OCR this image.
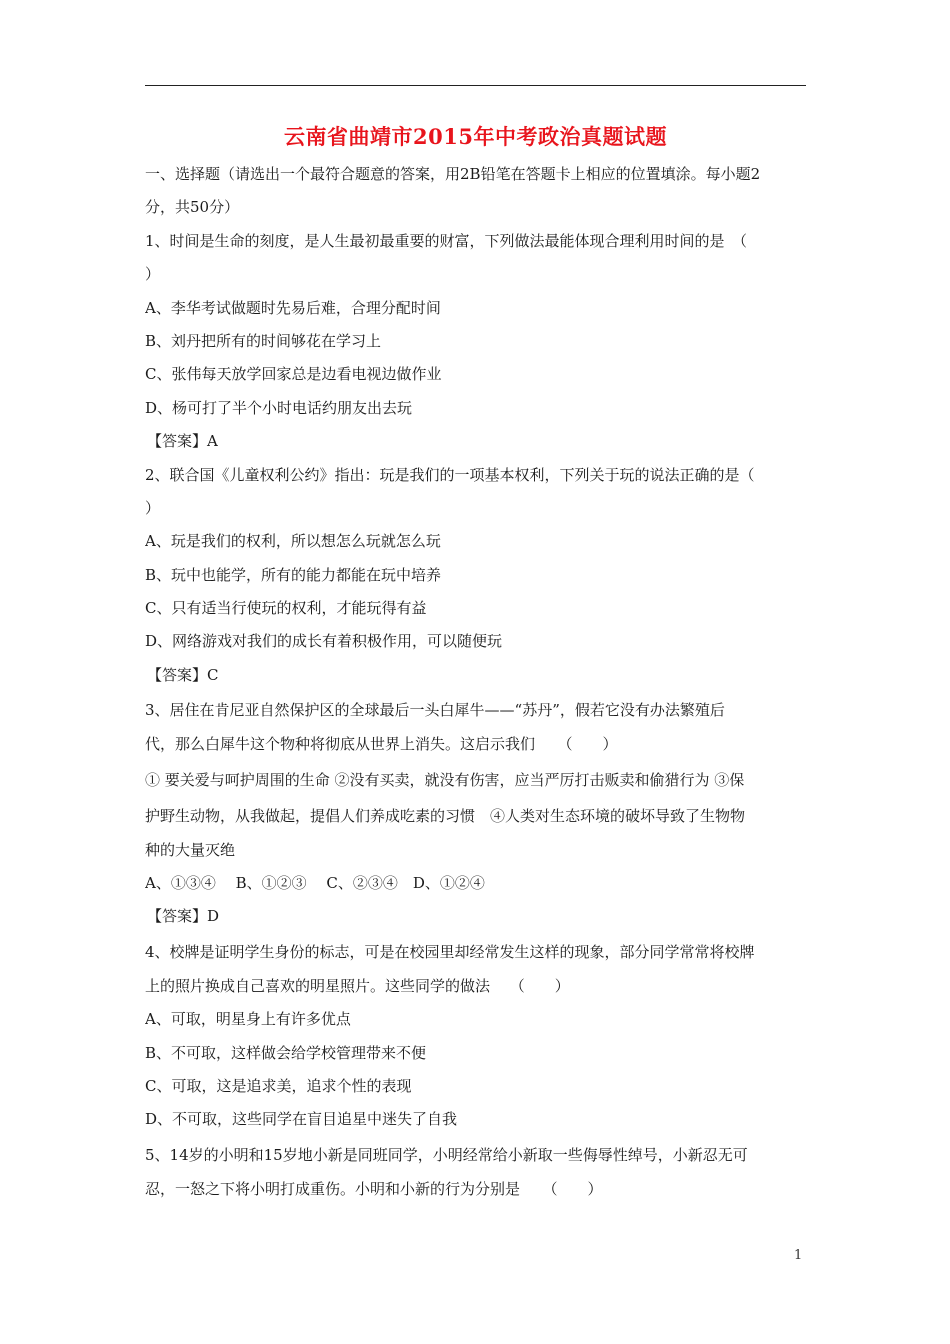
云南省曲靖市2015年中考政治真题试题
一、选择题（请选出一个最符合题意的答案，用2B铅笔在答题卡上相应的位置填涂。每小题2
分，共50分）
1、时间是生命的刻度，是人生最初最重要的财富，下列做法最能体现合理利用时间的是　（
）
A、李华考试做题时先易后难，合理分配时间
B、刘丹把所有的时间够花在学习上
C、张伟每天放学回家总是边看电视边做作业
D、杨可打了半个小时电话约朋友出去玩
【答案】A
2、联合国《儿童权利公约》指出：玩是我们的一项基本权利，下列关于玩的说法正确的是（
）
A、玩是我们的权利，所以想怎么玩就怎么玩
B、玩中也能学，所有的能力都能在玩中培养
C、只有适当行使玩的权利，才能玩得有益
D、网络游戏对我们的成长有着积极作用，可以随便玩
【答案】C
3、居住在肯尼亚自然保护区的全球最后一头白犀牛——“苏丹”，假若它没有办法繁殖后
代，那么白犀牛这个物种将彻底从世界上消失。这启示我们　　（　　）
① 要关爱与呵护周围的生命 ②没有买卖，就没有伤害，应当严厉打击贩卖和偷猎行为 ③保
护野生动物，从我做起，提倡人们养成吃素的习惯　④人类对生态环境的破坏导致了生物物
种的大量灭绝
A、①③④　 B、①②③　 C、②③④　D、①②④
【答案】D
4、校牌是证明学生身份的标志，可是在校园里却经常发生这样的现象，部分同学常常将校牌
上的照片换成自己喜欢的明星照片。这些同学的做法　 （　　）
A、可取，明星身上有许多优点
B、不可取，这样做会给学校管理带来不便
C、可取，这是追求美，追求个性的表现
D、不可取，这些同学在盲目追星中迷失了自我
5、14岁的小明和15岁地小新是同班同学，小明经常给小新取一些侮辱性绰号，小新忍无可
忍，一怒之下将小明打成重伤。小明和小新的行为分别是　　（　　）
1
